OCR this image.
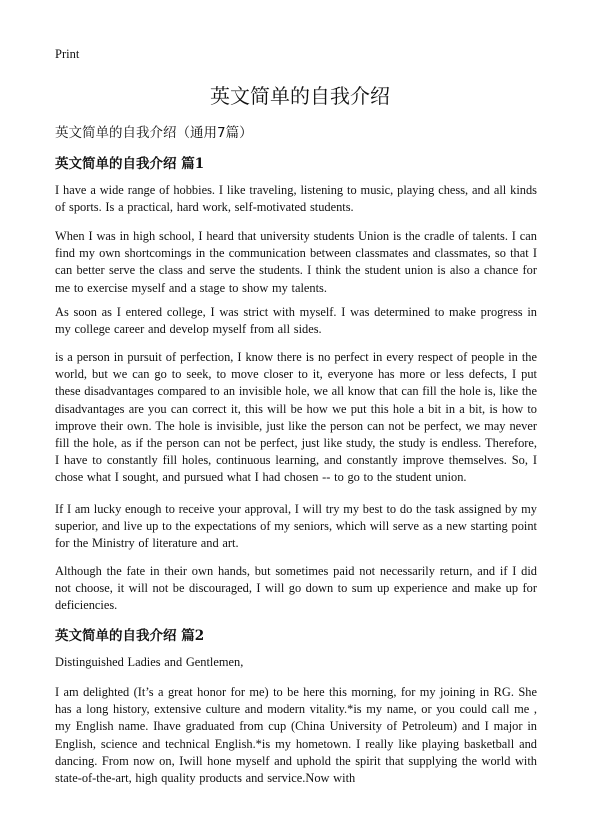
Print
英文简单的自我介绍
英文简单的自我介绍（通用7篇）
英文简单的自我介绍 篇1

I have a wide range of hobbies. I like traveling, listening to music, playing chess, and all kinds of sports. Is a practical, hard work, self-motivated students.

When I was in high school, I heard that university students Union is the cradle of talents. I can find my own shortcomings in the communication between classmates and classmates, so that I can better serve the class and serve the students. I think the student union is also a chance for me to exercise myself and a stage to show my talents.

As soon as I entered college, I was strict with myself. I was determined to make progress in my college career and develop myself from all sides.

is a person in pursuit of perfection, I know there is no perfect in every respect of people in the world, but we can go to seek, to move closer to it, everyone has more or less defects, I put these disadvantages compared to an invisible hole, we all know that can fill the hole is, like the disadvantages are you can correct it, this will be how we put this hole a bit in a bit, is how to improve their own. The hole is invisible, just like the person can not be perfect, we may never fill the hole, as if the person can not be perfect, just like study, the study is endless. Therefore, I have to constantly fill holes, continuous learning, and constantly improve themselves. So, I chose what I sought, and pursued what I had chosen -- to go to the student union.

If I am lucky enough to receive your approval, I will try my best to do the task assigned by my superior, and live up to the expectations of my seniors, which will serve as a new starting point for the Ministry of literature and art.

Although the fate in their own hands, but sometimes paid not necessarily return, and if I did not choose, it will not be discouraged, I will go down to sum up experience and make up for deficiencies.

英文简单的自我介绍 篇2

Distinguished Ladies and Gentlemen,

I am delighted (It’s a great honor for me) to be here this morning, for my joining in RG. She has a long history, extensive culture and modern vitality.*is my name, or you could call me , my English name. Ihave graduated from cup (China University of Petroleum) and I major in English, science and technical English.*is my hometown. I really like playing basketball and dancing. From now on, Iwill hone myself and uphold the spirit that supplying the world with state-of-the-art, high quality products and service.Now with
